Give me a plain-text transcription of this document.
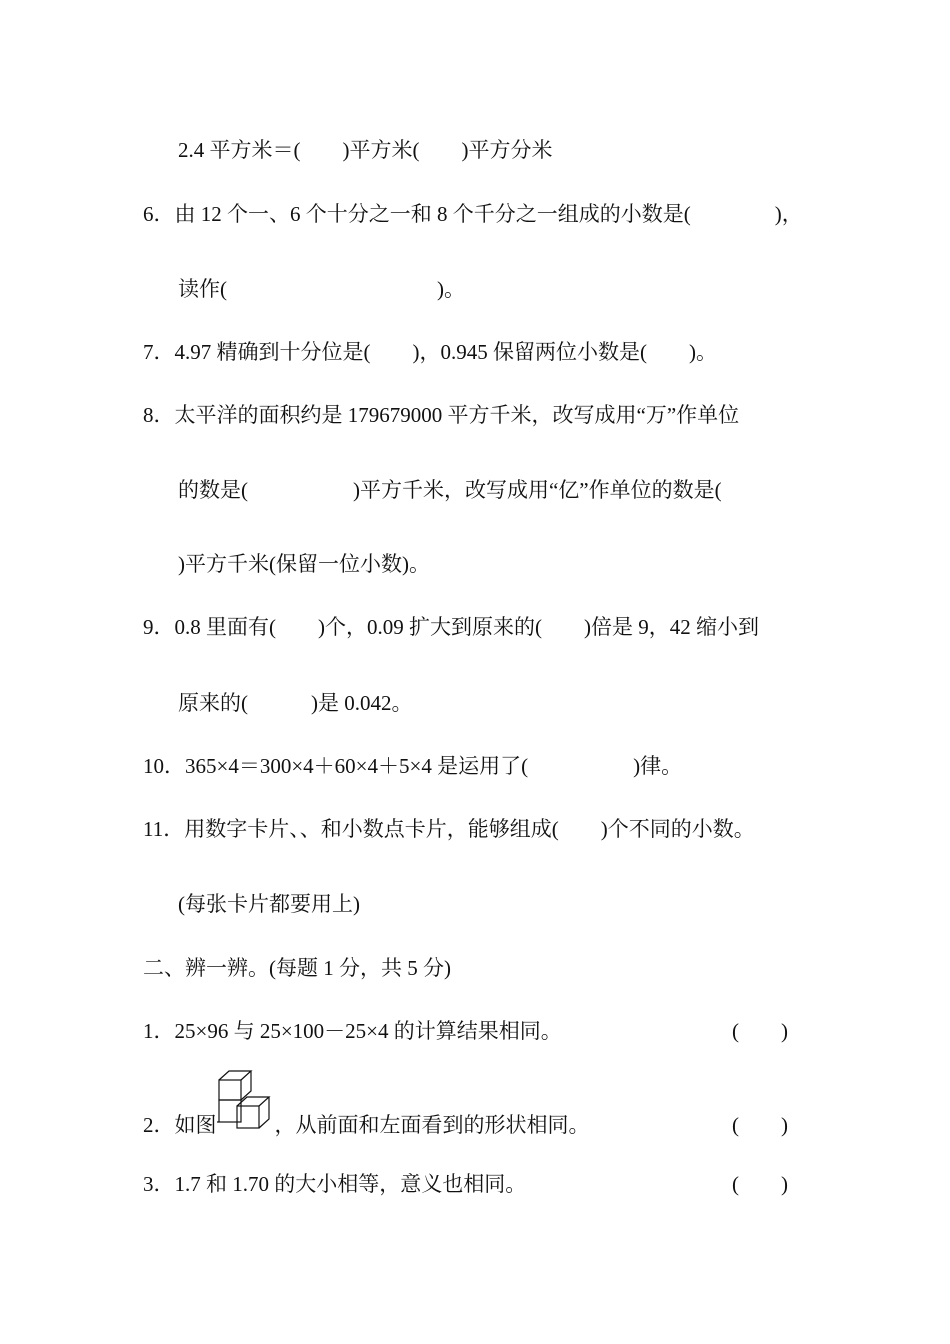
2.4 平方米＝(　　)平方米(　　)平方分米
6．由 12 个一、6 个十分之一和 8 个千分之一组成的小数是(　　　　)，
读作(　　　　　　　　　　)。
7．4.97 精确到十分位是(　　)，0.945 保留两位小数是(　　)。
8．太平洋的面积约是 179679000 平方千米，改写成用“万”作单位
的数是(　　　　　)平方千米，改写成用“亿”作单位的数是(
)平方千米(保留一位小数)。
9．0.8 里面有(　　)个，0.09 扩大到原来的(　　)倍是 9，42 缩小到
原来的(　　　)是 0.042。
10．365×4＝300×4＋60×4＋5×4 是运用了(　　　　　)律。
11．用数字卡片、、和小数点卡片，能够组成(　　)个不同的小数。
(每张卡片都要用上)
二、辨一辨。(每题 1 分，共 5 分)
1．25×96 与 25×100－25×4 的计算结果相同。	(　　)
2．如图	，从前面和左面看到的形状相同。	(　　)
3．1.7 和 1.70 的大小相等，意义也相同。	(　　)
